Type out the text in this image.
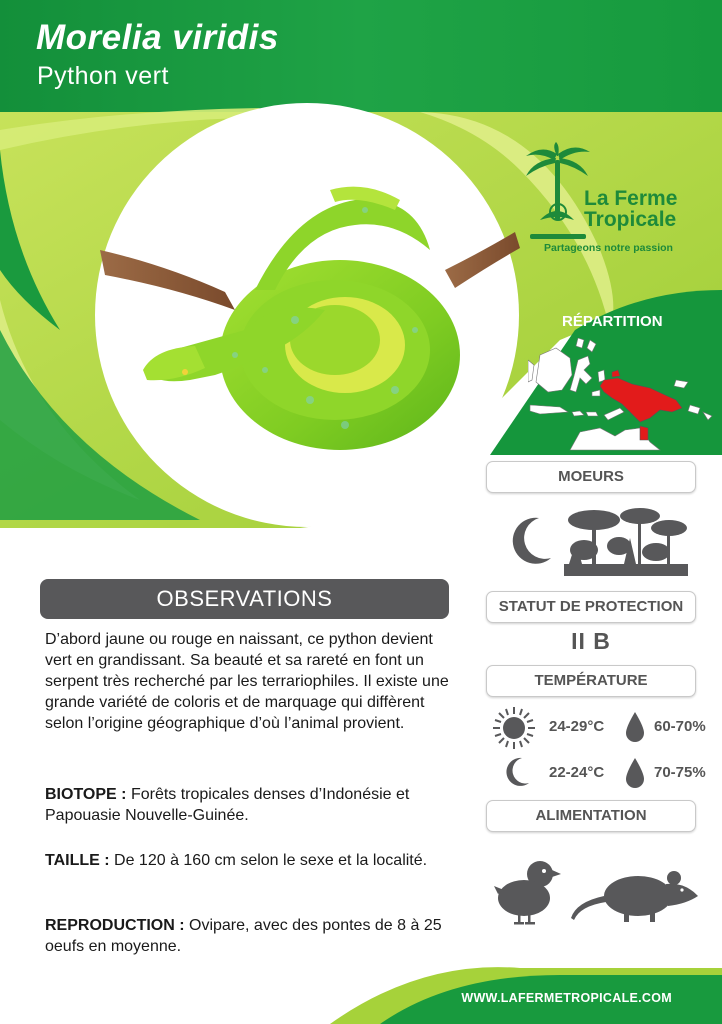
Morelia viridis
Python vert
La Ferme
Tropicale
Partageons notre passion
RÉPARTITION
MOEURS
STATUT DE PROTECTION
II B
TEMPÉRATURE
24-29°C	60-70%
22-24°C	70-75%
ALIMENTATION
OBSERVATIONS
D’abord jaune ou rouge en naissant, ce python devient vert en grandissant. Sa beauté et sa rareté en font un serpent très recherché par les terrariophiles. Il existe une grande variété de coloris et de marquage qui diffèrent selon l’origine géographique d’où l’animal provient.
BIOTOPE : Forêts tropicales denses d’Indonésie et Papouasie Nouvelle-Guinée.
TAILLE : De 120 à 160 cm selon le sexe et la localité.
REPRODUCTION : Ovipare, avec des pontes de 8 à 25 oeufs en moyenne.
WWW.LAFERMETROPICALE.COM
